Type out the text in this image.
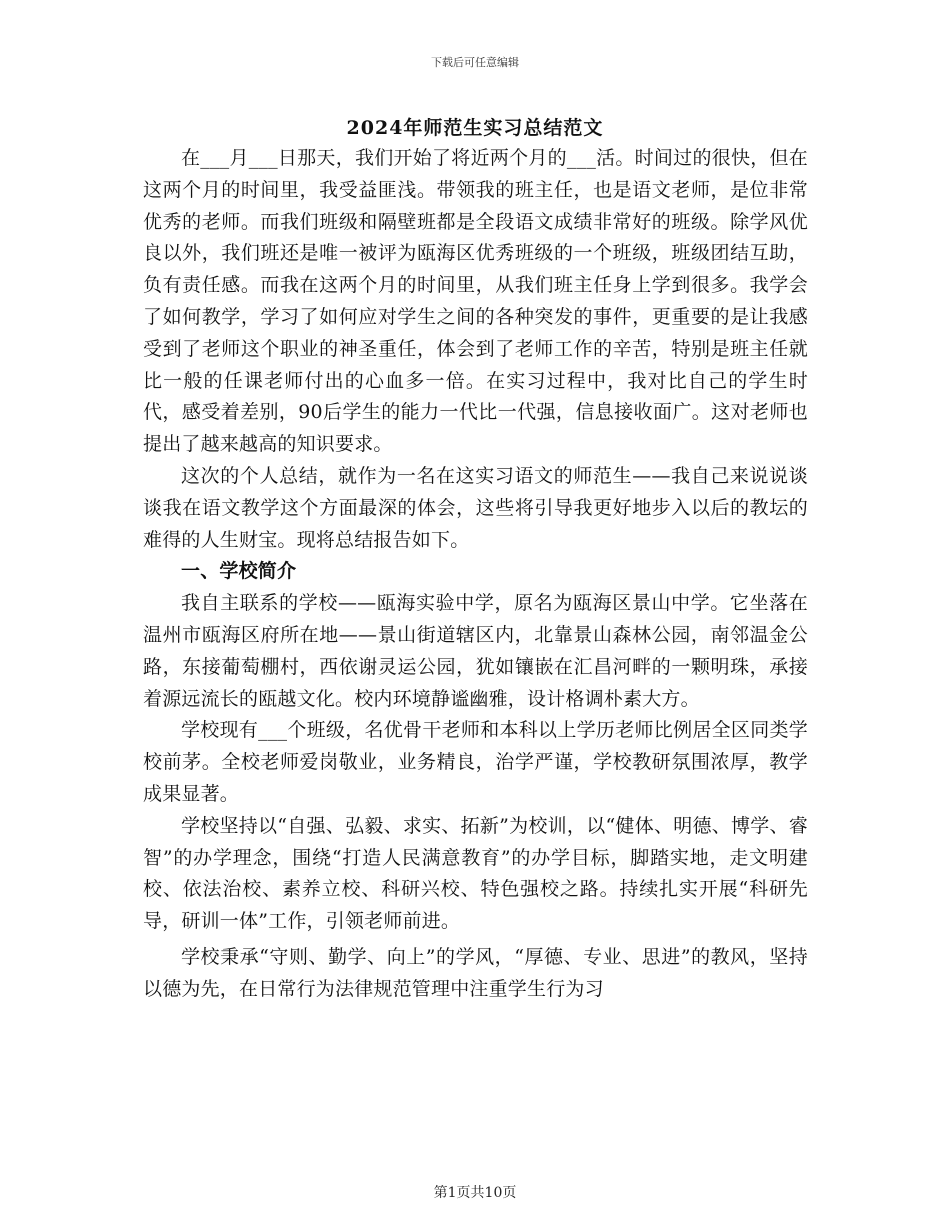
下载后可任意编辑
2024年师范生实习总结范文

在___月___日那天，我们开始了将近两个月的___活。时间过的很快，但在这两个月的时间里，我受益匪浅。带领我的班主任，也是语文老师，是位非常优秀的老师。而我们班级和隔壁班都是全段语文成绩非常好的班级。除学风优良以外，我们班还是唯一被评为瓯海区优秀班级的一个班级，班级团结互助，负有责任感。而我在这两个月的时间里，从我们班主任身上学到很多。我学会了如何教学，学习了如何应对学生之间的各种突发的事件，更重要的是让我感受到了老师这个职业的神圣重任，体会到了老师工作的辛苦，特别是班主任就比一般的任课老师付出的心血多一倍。在实习过程中，我对比自己的学生时代，感受着差别，90后学生的能力一代比一代强，信息接收面广。这对老师也提出了越来越高的知识要求。

这次的个人总结，就作为一名在这实习语文的师范生——我自己来说说谈谈我在语文教学这个方面最深的体会，这些将引导我更好地步入以后的教坛的难得的人生财宝。现将总结报告如下。

一、学校简介

我自主联系的学校——瓯海实验中学，原名为瓯海区景山中学。它坐落在温州市瓯海区府所在地——景山街道辖区内，北靠景山森林公园，南邻温金公路，东接葡萄棚村，西依谢灵运公园，犹如镶嵌在汇昌河畔的一颗明珠，承接着源远流长的瓯越文化。校内环境静谧幽雅，设计格调朴素大方。

学校现有___个班级，名优骨干老师和本科以上学历老师比例居全区同类学校前茅。全校老师爱岗敬业，业务精良，治学严谨，学校教研氛围浓厚，教学成果显著。

学校坚持以“自强、弘毅、求实、拓新”为校训，以“健体、明德、博学、睿智”的办学理念，围绕“打造人民满意教育”的办学目标，脚踏实地，走文明建校、依法治校、素养立校、科研兴校、特色强校之路。持续扎实开展“科研先导，研训一体”工作，引领老师前进。

学校秉承“守则、勤学、向上”的学风，“厚德、专业、思进”的教风，坚持以德为先，在日常行为法律规范管理中注重学生行为习

第1页共10页
